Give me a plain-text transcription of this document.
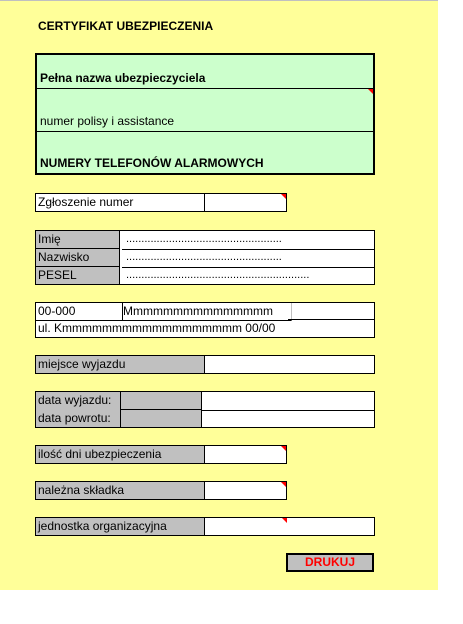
CERTYFIKAT UBEZPIECZENIA
Pełna nazwa ubezpieczyciela
numer polisy i assistance
NUMERY TELEFONÓW ALARMOWYCH
Zgłoszenie numer
Imię	...................................................
Nazwisko	...................................................
PESEL	............................................................
00-000	Mmmmmmmmmmmmmmm
ul. Kmmmmmmmmmmmmmmmmmm 00/00
miejsce wyjazdu
data wyjazdu:
data powrotu:
ilość dni ubezpieczenia
należna składka
jednostka organizacyjna
DRUKUJ
